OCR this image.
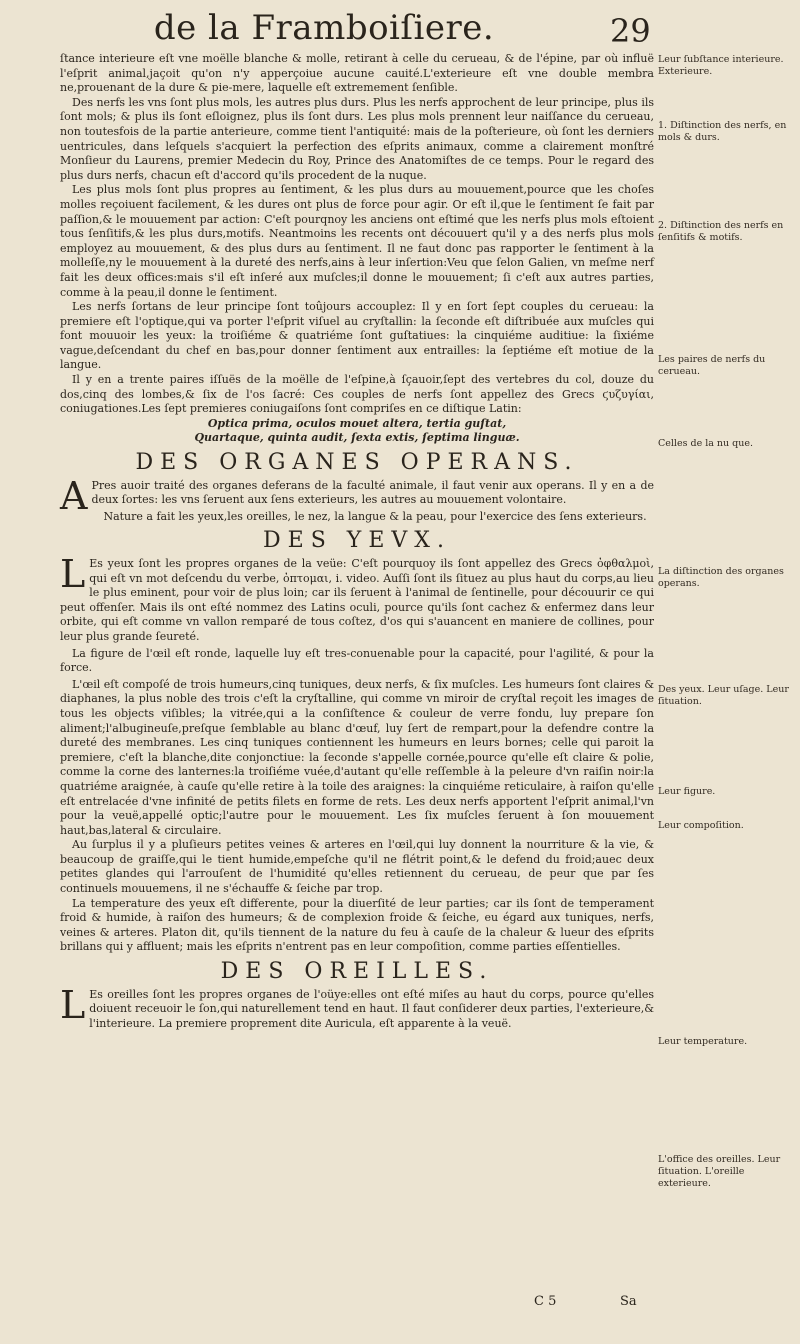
de la Framboiſiere.	29

ſtance interieure eſt vne moëlle blanche & molle, retirant à celle du cerueau, & de l'épine, par où influë l'eſprit animal,jaçoit qu'on n'y apperçoiue aucune cauité.L'exterieure eſt vne double membra ne,prouenant de la dure & pie-mere, laquelle eſt extremement ſenſible.

Des nerfs les vns ſont plus mols, les autres plus durs. Plus les nerfs approchent de leur principe, plus ils ſont mols; & plus ils ſont eſloignez, plus ils ſont durs. Les plus mols prennent leur naiſſance du cerueau, non toutesfois de la partie anterieure, comme tient l'antiquité: mais de la poſterieure, où ſont les derniers uentricules, dans leſquels s'acquiert la perfection des eſprits animaux, comme a clairement monſtré Monſieur du Laurens, premier Medecin du Roy, Prince des Anatomiſtes de ce temps. Pour le regard des plus durs nerfs, chacun eſt d'accord qu'ils procedent de la nuque.

Les plus mols ſont plus propres au ſentiment, & les plus durs au mouuement,pource que les choſes molles reçoiuent facilement, & les dures ont plus de force pour agir. Or eſt il,que le ſentiment ſe fait par paſſion,& le mouuement par action: C'eſt pourqnoy les anciens ont eſtimé que les nerfs plus mols eſtoient tous ſenſitifs,& les plus durs,motifs. Neantmoins les recents ont découuert qu'il y a des nerfs plus mols employez au mouuement, & des plus durs au ſentiment. Il ne faut donc pas rapporter le ſentiment à la molleſſe,ny le mouuement à la dureté des nerfs,ains à leur inſertion:Veu que ſelon Galien, vn meſme nerf fait les deux offices:mais s'il eſt inſeré aux muſcles;il donne le mouuement; ſi c'eſt aux autres parties, comme à la peau,il donne le ſentiment.

Les nerfs ſortans de leur principe ſont toûjours accouplez: Il y en ſort ſept couples du cerueau: la premiere eſt l'optique,qui va porter l'eſprit viſuel au cryſtallin: la ſeconde eſt diſtribuée aux muſcles qui font mouuoir les yeux: la troiſiéme & quatriéme ſont guſtatiues: la cinquiéme auditiue: la ſixiéme vague,deſcendant du chef en bas,pour donner ſentiment aux entrailles: la ſeptiéme eſt motiue de la langue.

Il y en a trente paires iſſuës de la moëlle de l'eſpine,à ſçauoir,ſept des vertebres du col, douze du dos,cinq des lombes,& ſix de l'os ſacré: Ces couples de nerfs ſont appellez des Grecs ϛυζυγίαι, coniugationes.Les ſept premieres coniugaiſons ſont compriſes en ce diſtique Latin:

Optica prima, oculos mouet altera, tertia guſtat,

Quartaque, quinta audit, ſexta extis, ſeptima linguæ.

DES ORGANES OPERANS.

A Pres auoir traité des organes deferans de la faculté animale, il faut venir aux operans. Il y en a de deux ſortes: les vns ſeruent aux ſens exterieurs, les autres au mouuement volontaire.

Nature a fait les yeux,les oreilles, le nez, la langue & la peau, pour l'exercice des ſens exterieurs.

DES YEVX.

L Es yeux ſont les propres organes de la veüe: C'eſt pourquoy ils ſont appellez des Grecs ὀφθαλμοὶ, qui eſt vn mot deſcendu du verbe, ὀπτομαι, i. video. Auſſi ſont ils ſituez au plus haut du corps,au lieu le plus eminent, pour voir de plus loin; car ils ſeruent à l'animal de ſentinelle, pour découurir ce qui peut offenſer. Mais ils ont eſté nommez des Latins oculi, pource qu'ils ſont cachez & enfermez dans leur orbite, qui eſt comme vn vallon remparé de tous coſtez, d'os qui s'auancent en maniere de collines, pour leur plus grande ſeureté.

La figure de l'œil eſt ronde, laquelle luy eſt tres-conuenable pour la capacité, pour l'agilité, & pour la force.

L'œil eſt compoſé de trois humeurs,cinq tuniques, deux nerfs, & ſix muſcles. Les humeurs ſont claires & diaphanes, la plus noble des trois c'eſt la cryſtalline, qui comme vn miroir de cryſtal reçoit les images de tous les objects viſibles; la vitrée,qui a la conſiſtence & couleur de verre fondu, luy prepare ſon aliment;l'albugineuſe,preſque ſemblable au blanc d'œuf, luy ſert de rempart,pour la defendre contre la dureté des membranes. Les cinq tuniques contiennent les humeurs en leurs bornes; celle qui paroit la premiere, c'eſt la blanche,dite conjonctiue: la ſeconde s'appelle cornée,pource qu'elle eſt claire & polie, comme la corne des lanternes:la troiſiéme vuée,d'autant qu'elle reſſemble à la peleure d'vn raiſin noir:la quatriéme araignée, à cauſe qu'elle retire à la toile des araignes: la cinquiéme reticulaire, à raiſon qu'elle eſt entrelacée d'vne infinité de petits filets en forme de rets. Les deux nerfs apportent l'eſprit animal,l'vn pour la veuë,appellé optic;l'autre pour le mouuement. Les ſix muſcles ſeruent à ſon mouuement haut,bas,lateral & circulaire.

Au ſurplus il y a pluſieurs petites veines & arteres en l'œil,qui luy donnent la nourriture & la vie, & beaucoup de graiſſe,qui le tient humide,empeſche qu'il ne flétrit point,& le defend du froid;auec deux petites glandes qui l'arrouſent de l'humidité qu'elles retiennent du cerueau, de peur que par ſes continuels mouuemens, il ne s'échauffe & ſeiche par trop.

La temperature des yeux eſt differente, pour la diuerſité de leur parties; car ils ſont de temperament froid & humide, à raiſon des humeurs; & de complexion froide & ſeiche, eu égard aux tuniques, nerfs, veines & arteres. Platon dit, qu'ils tiennent de la nature du feu à cauſe de la chaleur & lueur des eſprits brillans qui y affluent; mais les eſprits n'entrent pas en leur compoſition, comme parties eſſentielles.

DES OREILLES.

L Es oreilles ſont les propres organes de l'oüye:elles ont eſté miſes au haut du corps, pource qu'elles doiuent receuoir le ſon,qui naturellement tend en haut. Il faut conſiderer deux parties, l'exterieure,& l'interieure. La premiere proprement dite Auricula, eſt apparente à la veuë.

Leur ſubſtance interieure. Exterieure.
1. Diſtinction des nerfs, en mols & durs.
2. Diſtinction des nerfs en ſenſitifs & motifs.
Les paires de nerfs du cerueau.
Celles de la nu que.
La diſtinction des organes operans.
Des yeux. Leur uſage. Leur ſituation.
Leur figure.
Leur compoſition.
Leur temperature.
L'office des oreilles. Leur ſituation. L'oreille exterieure.
C 5	Sa
